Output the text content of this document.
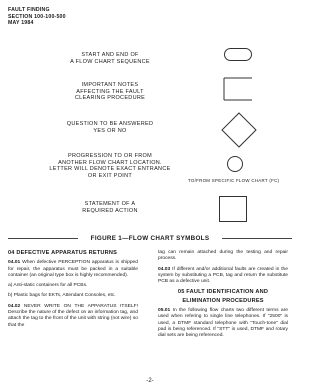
FAULT FINDING
SECTION 100-100-500
MAY 1984
START AND END OF
A FLOW CHART SEQUENCE
IMPORTANT NOTES
AFFECTING THE FAULT
CLEARING PROCEDURE
QUESTION TO BE ANSWERED
YES OR NO
PROGRESSION TO OR FROM
ANOTHER FLOW CHART LOCATION.
LETTER WILL DENOTE EXACT ENTRANCE
OR EXIT POINT
TO/FROM SPECIFIC FLOW CHART (FC)
STATEMENT OF A
REQUIRED ACTION
FIGURE 1—FLOW CHART SYMBOLS
04 DEFECTIVE APPARATUS RETURNS

04.01 When defective PERCEPTION apparatus is shipped for repair, the apparatus must be packed in a suitable container (an original type box is highly recommended).

a) Anti-static containers for all PCBs.

b) Plastic bags for EKTs, Attendant Consoles, etc.

04.02 NEVER WRITE ON THE APPARATUS ITSELF! Describe the nature of the defect on an information tag, and attach the tag to the front of the unit with string (not wire) so that the

tag can remain attached during the testing and repair process.

04.03 If different and/or additional faults are created in the system by substituting a PCB, tag and return the substitute PCB as a defective unit.

05 FAULT IDENTIFICATION AND
ELIMINATION PROCEDURES

05.01 In the following flow charts two different terms are used when refering to single line telephones. If "2500" is used, a DTMF standard telephone with "Touch-tone" dial pad is being referenced. If "STT" is used, DTMF and rotary dial sets are being referenced.

-2-
